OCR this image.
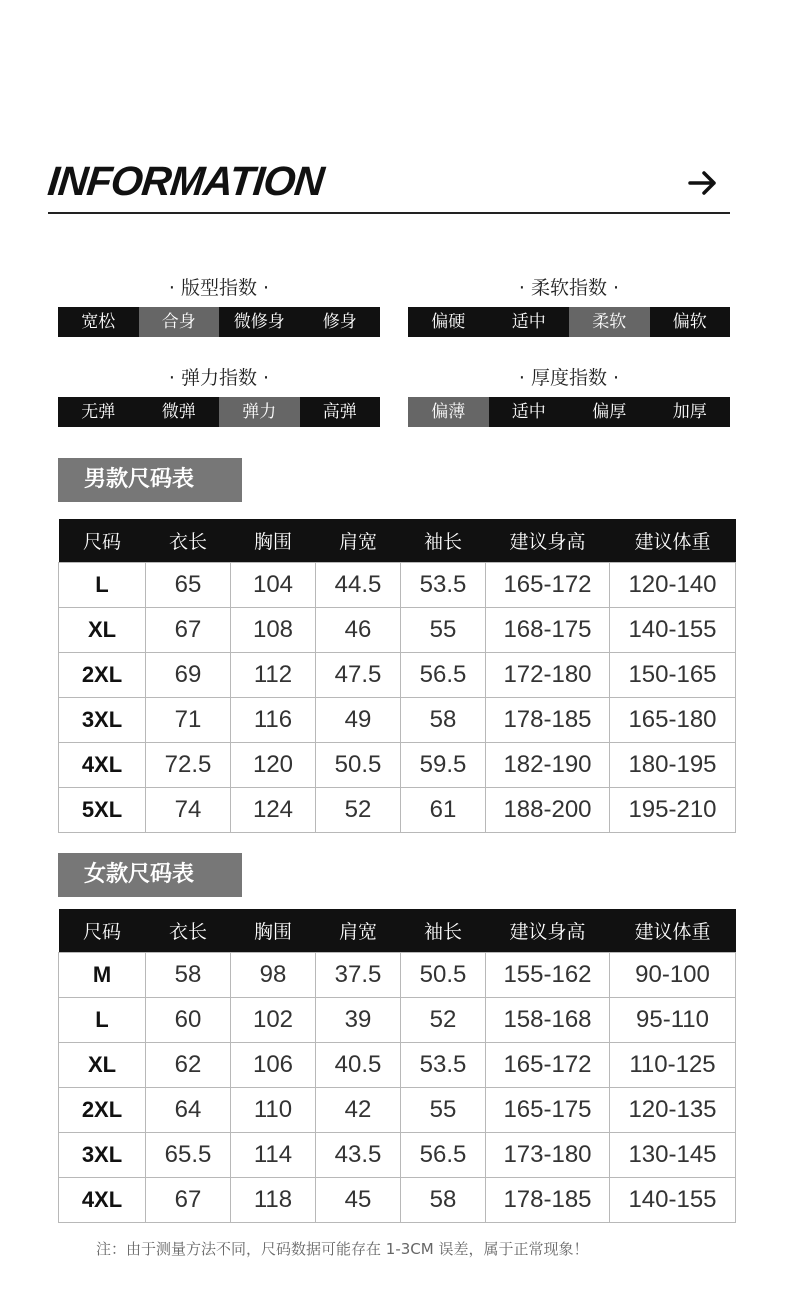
INFORMATION
· 版型指数 ·
宽松	合身	微修身	修身
· 柔软指数 ·
偏硬	适中	柔软	偏软
· 弹力指数 ·
无弹	微弹	弹力	高弹
· 厚度指数 ·
偏薄	适中	偏厚	加厚
男款尺码表
尺码	衣长	胸围	肩宽	袖长	建议身高	建议体重
L	65	104	44.5	53.5	165-172	120-140
XL	67	108	46	55	168-175	140-155
2XL	69	112	47.5	56.5	172-180	150-165
3XL	71	116	49	58	178-185	165-180
4XL	72.5	120	50.5	59.5	182-190	180-195
5XL	74	124	52	61	188-200	195-210
女款尺码表
尺码	衣长	胸围	肩宽	袖长	建议身高	建议体重
M	58	98	37.5	50.5	155-162	90-100
L	60	102	39	52	158-168	95-110
XL	62	106	40.5	53.5	165-172	110-125
2XL	64	110	42	55	165-175	120-135
3XL	65.5	114	43.5	56.5	173-180	130-145
4XL	67	118	45	58	178-185	140-155
注：由于测量方法不同，尺码数据可能存在 1-3CM 误差，属于正常现象！
